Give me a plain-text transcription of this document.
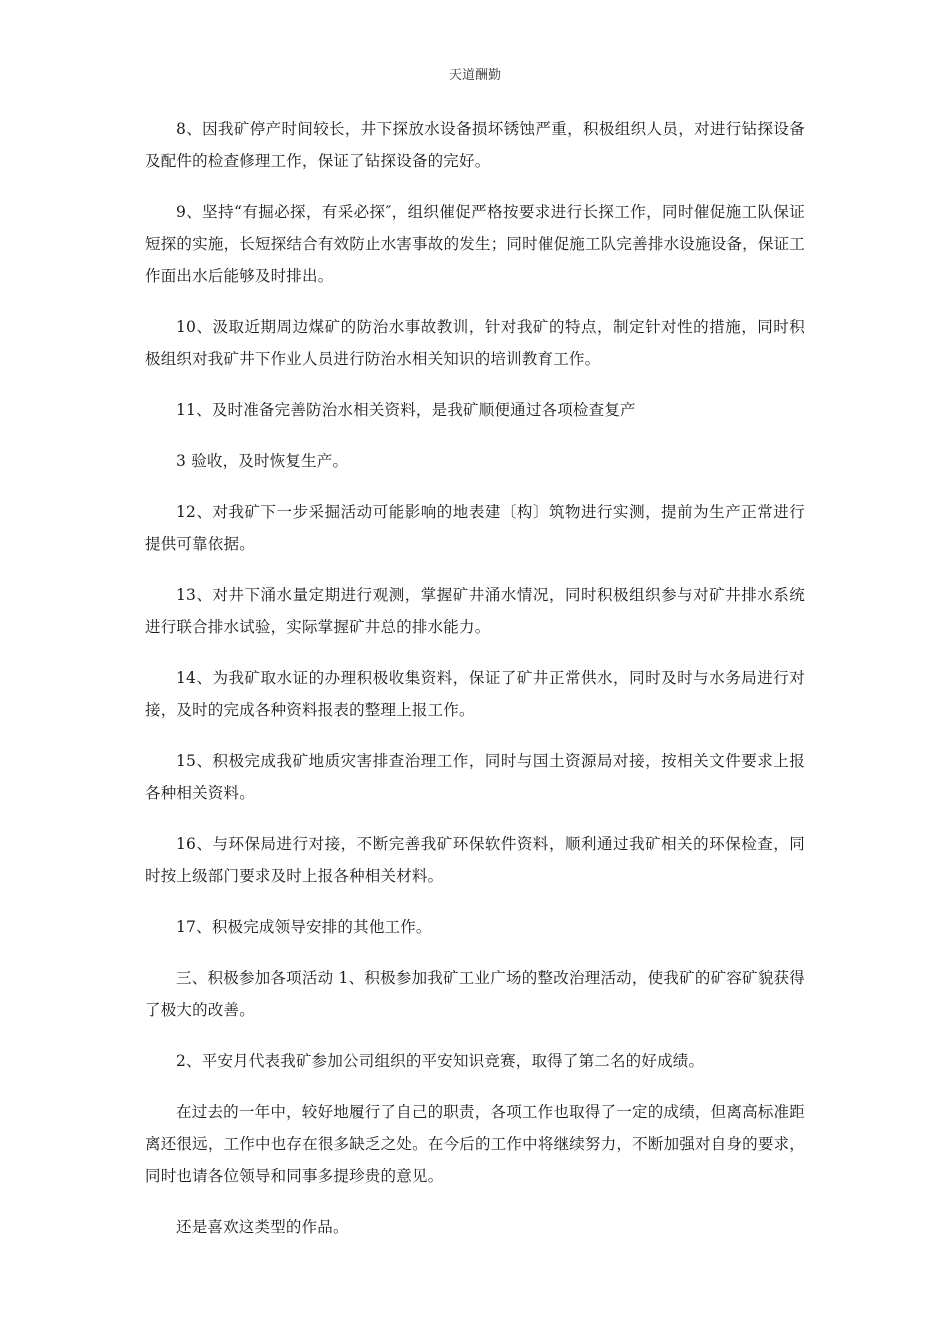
天道酬勤

8、因我矿停产时间较长，井下探放水设备损坏锈蚀严重，积极组织人员，对进行钻探设备及配件的检查修理工作，保证了钻探设备的完好。

9、坚持“有掘必探，有采必探″，组织催促严格按要求进行长探工作，同时催促施工队保证短探的实施，长短探结合有效防止水害事故的发生；同时催促施工队完善排水设施设备，保证工作面出水后能够及时排出。

10、汲取近期周边煤矿的防治水事故教训，针对我矿的特点，制定针对性的措施，同时积极组织对我矿井下作业人员进行防治水相关知识的培训教育工作。

11、及时准备完善防治水相关资料，是我矿顺便通过各项检查复产

3 验收，及时恢复生产。

12、对我矿下一步采掘活动可能影响的地表建〔构〕筑物进行实测，提前为生产正常进行提供可靠依据。

13、对井下涌水量定期进行观测，掌握矿井涌水情况，同时积极组织参与对矿井排水系统进行联合排水试验，实际掌握矿井总的排水能力。

14、为我矿取水证的办理积极收集资料，保证了矿井正常供水，同时及时与水务局进行对接，及时的完成各种资料报表的整理上报工作。

15、积极完成我矿地质灾害排查治理工作，同时与国土资源局对接，按相关文件要求上报各种相关资料。

16、与环保局进行对接，不断完善我矿环保软件资料，顺利通过我矿相关的环保检查，同时按上级部门要求及时上报各种相关材料。

17、积极完成领导安排的其他工作。

三、积极参加各项活动 1、积极参加我矿工业广场的整改治理活动，使我矿的矿容矿貌获得了极大的改善。

2、平安月代表我矿参加公司组织的平安知识竞赛，取得了第二名的好成绩。

在过去的一年中，较好地履行了自己的职责，各项工作也取得了一定的成绩，但离高标准距离还很远，工作中也存在很多缺乏之处。在今后的工作中将继续努力，不断加强对自身的要求，同时也请各位领导和同事多提珍贵的意见。

还是喜欢这类型的作品。
